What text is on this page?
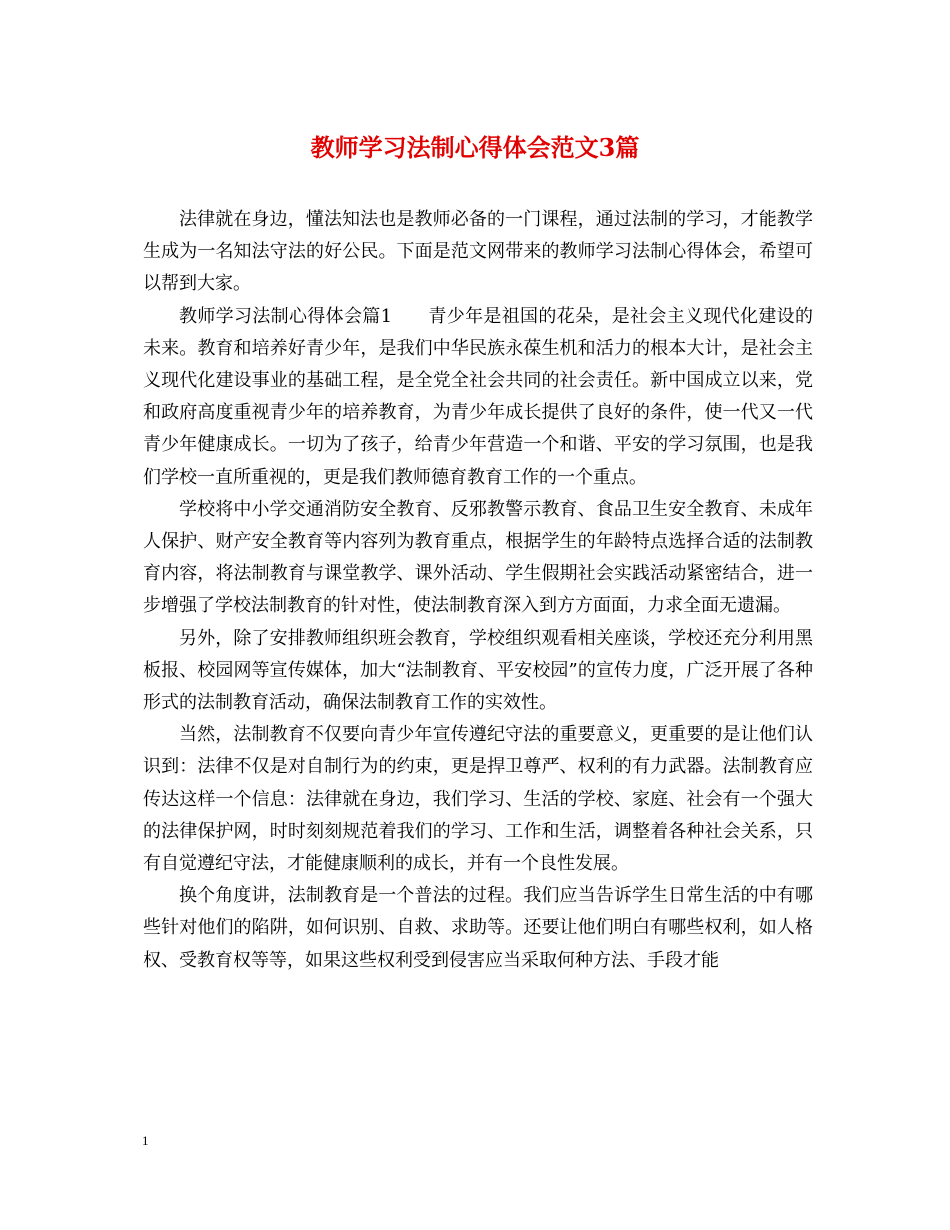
教师学习法制心得体会范文3篇

法律就在身边，懂法知法也是教师必备的一门课程，通过法制的学习，才能教学生成为一名知法守法的好公民。下面是范文网带来的教师学习法制心得体会，希望可以帮到大家。

教师学习法制心得体会篇1 青少年是祖国的花朵，是社会主义现代化建设的未来。教育和培养好青少年，是我们中华民族永葆生机和活力的根本大计，是社会主义现代化建设事业的基础工程，是全党全社会共同的社会责任。新中国成立以来，党和政府高度重视青少年的培养教育，为青少年成长提供了良好的条件，使一代又一代青少年健康成长。一切为了孩子，给青少年营造一个和谐、平安的学习氛围，也是我们学校一直所重视的，更是我们教师德育教育工作的一个重点。

学校将中小学交通消防安全教育、反邪教警示教育、食品卫生安全教育、未成年人保护、财产安全教育等内容列为教育重点，根据学生的年龄特点选择合适的法制教育内容，将法制教育与课堂教学、课外活动、学生假期社会实践活动紧密结合，进一步增强了学校法制教育的针对性，使法制教育深入到方方面面，力求全面无遗漏。

另外，除了安排教师组织班会教育，学校组织观看相关座谈，学校还充分利用黑板报、校园网等宣传媒体，加大“法制教育、平安校园”的宣传力度，广泛开展了各种形式的法制教育活动，确保法制教育工作的实效性。

当然，法制教育不仅要向青少年宣传遵纪守法的重要意义，更重要的是让他们认识到：法律不仅是对自制行为的约束，更是捍卫尊严、权利的有力武器。法制教育应传达这样一个信息：法律就在身边，我们学习、生活的学校、家庭、社会有一个强大的法律保护网，时时刻刻规范着我们的学习、工作和生活，调整着各种社会关系，只有自觉遵纪守法，才能健康顺利的成长，并有一个良性发展。

换个角度讲，法制教育是一个普法的过程。我们应当告诉学生日常生活的中有哪些针对他们的陷阱，如何识别、自救、求助等。还要让他们明白有哪些权利，如人格权、受教育权等等，如果这些权利受到侵害应当采取何种方法、手段才能

1
